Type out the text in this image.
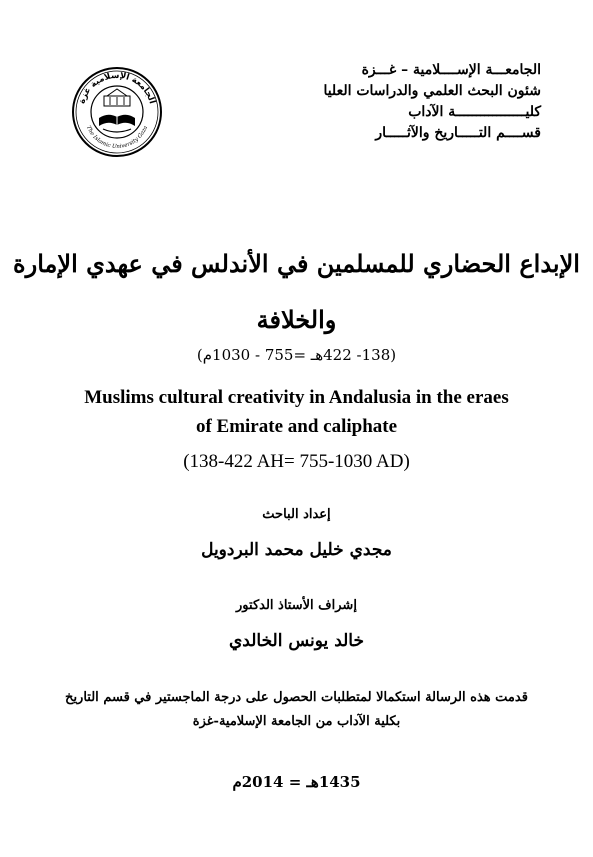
الجامعـــة الإســــلامية – غـــزة
شئون البحث العلمي والدراسات العليا
كليـــــــــــــــــة الآداب
قســــم التـــــاريخ والآثـــــار
الجامعة الإسلامية غزة
The Islamic University Gaza
الإبداع الحضاري للمسلمين في الأندلس في عهدي الإمارة
والخلافة
(138- 422هـ =755 - 1030م)
Muslims cultural creativity in Andalusia in the eraes
of Emirate and caliphate
(138-422 AH= 755-1030 AD)
إعداد الباحث
مجدي خليل محمد البردويل
إشراف الأستاذ الدكتور
خالد يونس الخالدي
قدمت هذه الرسالة استكمالا لمتطلبات الحصول على درجة الماجستير في قسم التاريخ
بكلية الآداب من الجامعة الإسلامية-غزة
1435هـ = 2014م
